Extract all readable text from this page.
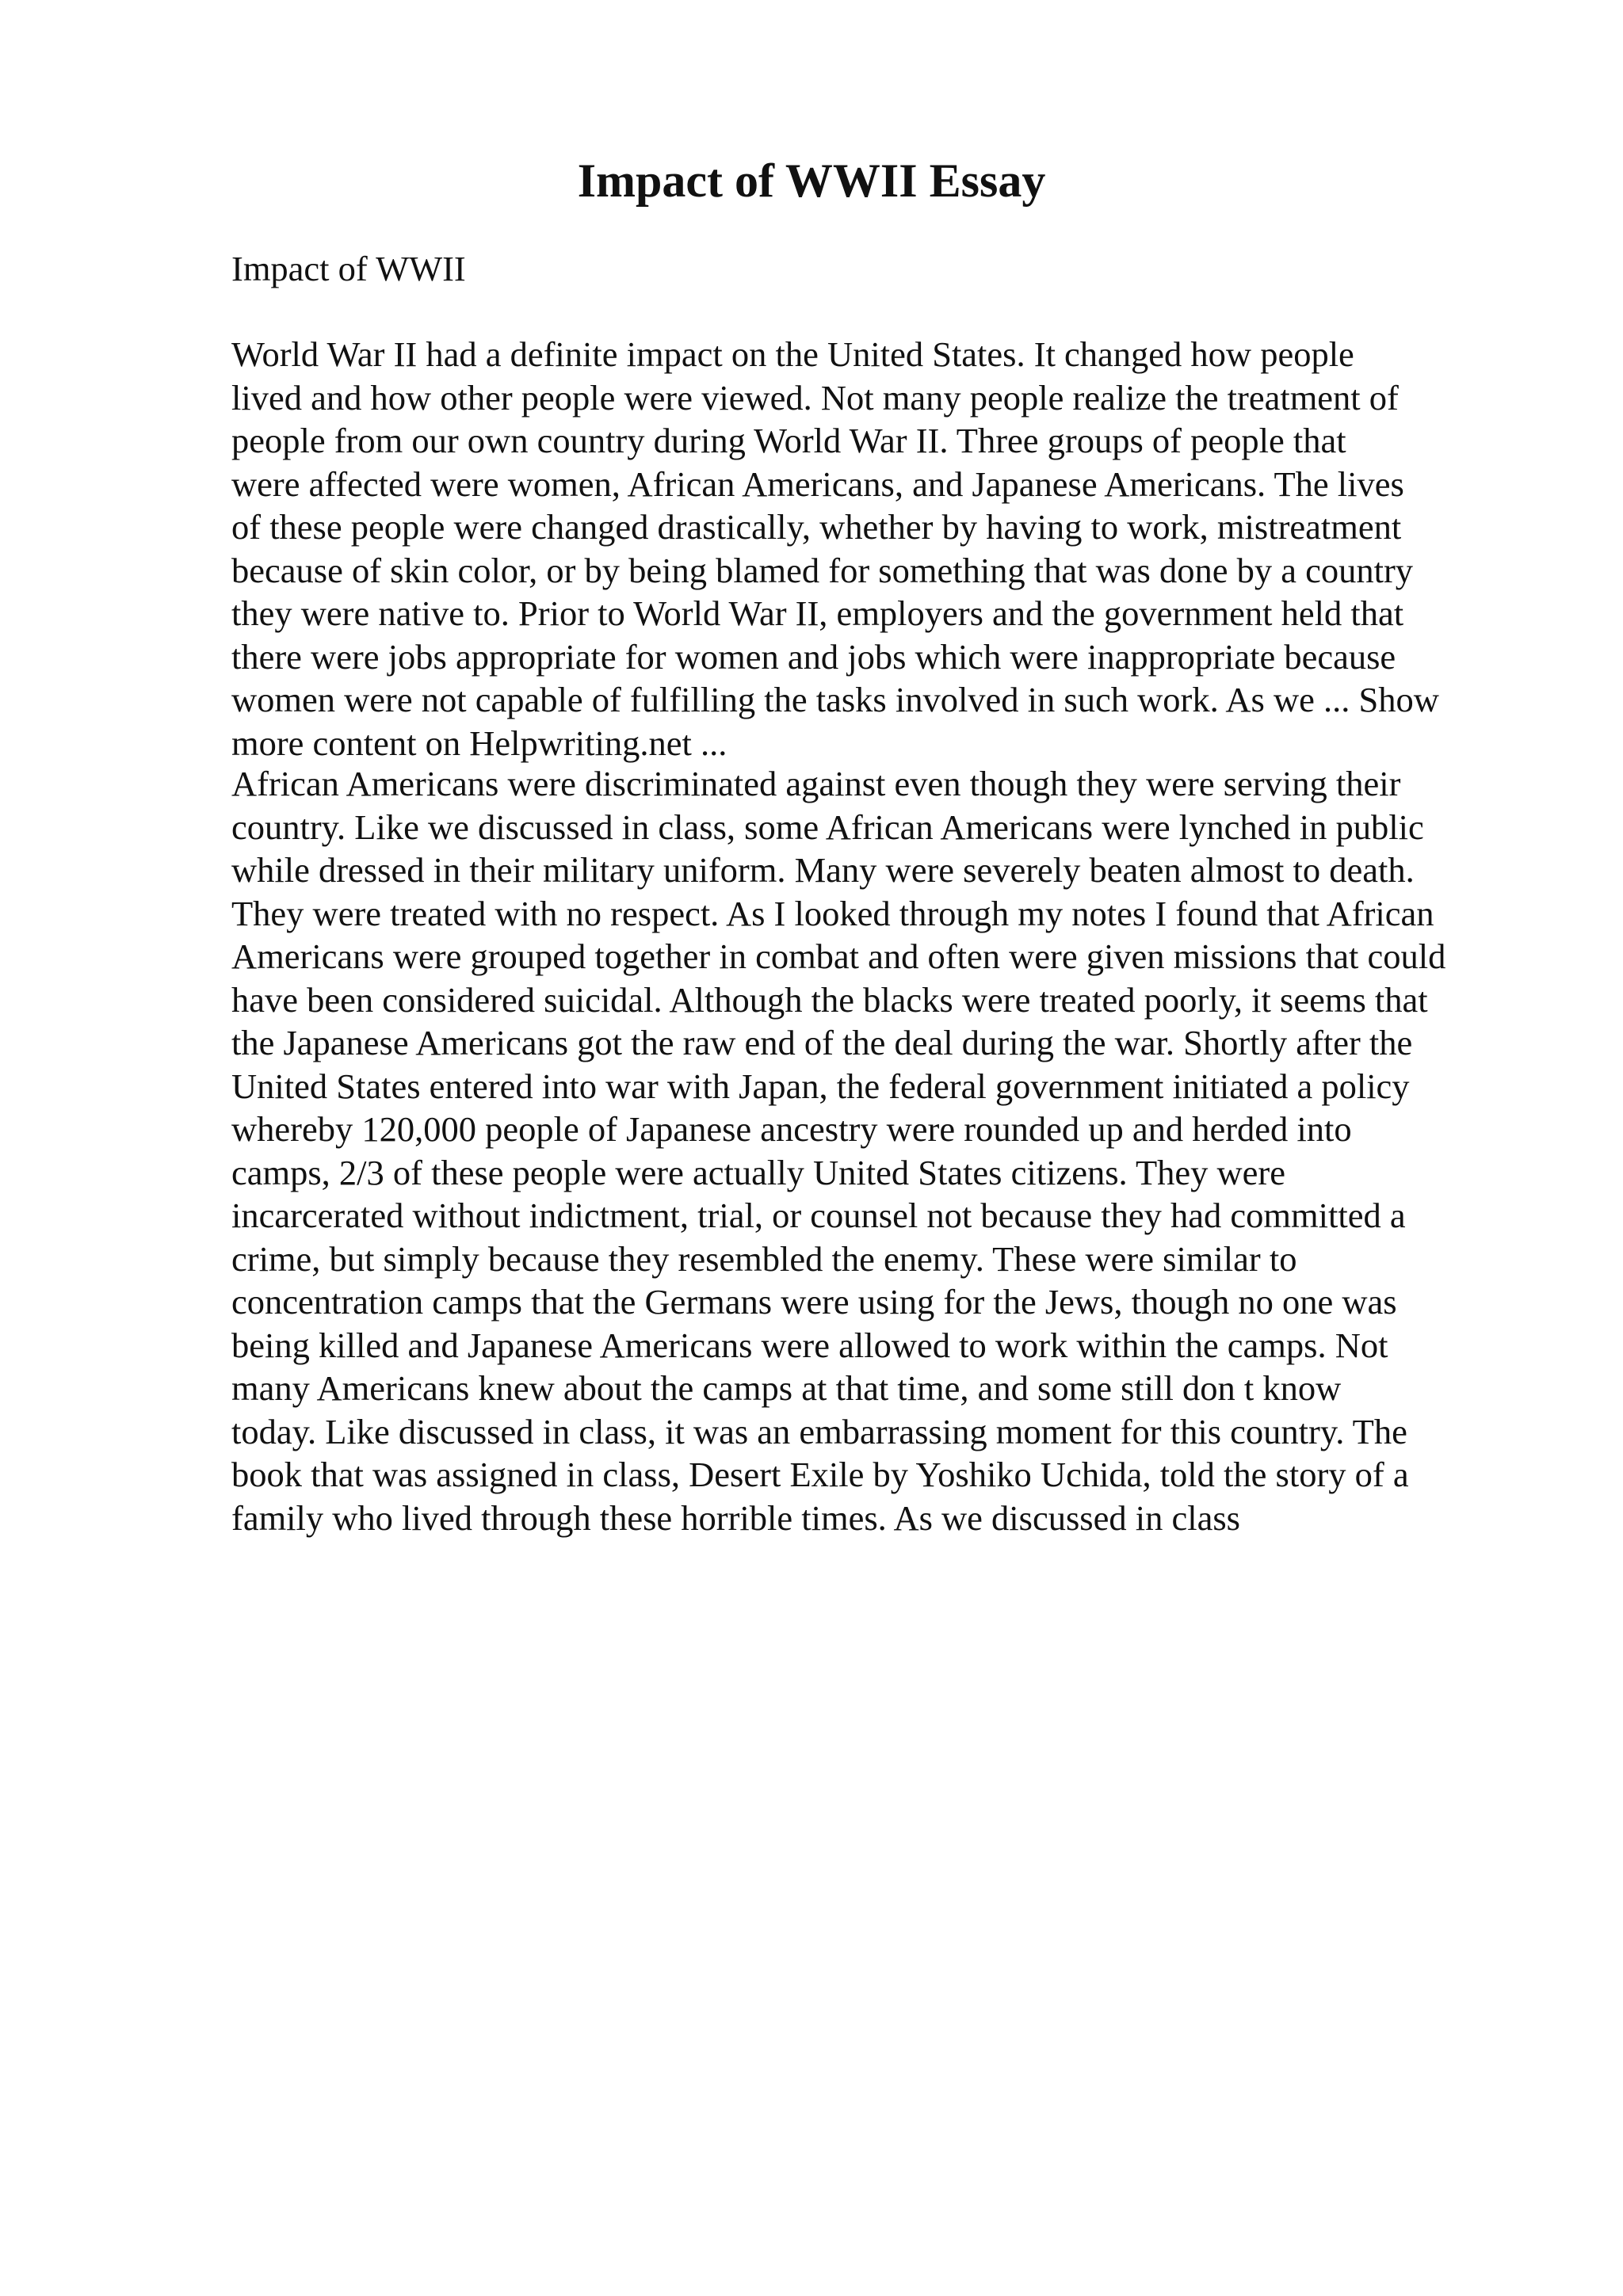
Impact of WWII Essay

Impact of WWII

World War II had a definite impact on the United States. It changed how people
lived and how other people were viewed. Not many people realize the treatment of
people from our own country during World War II. Three groups of people that
were affected were women, African Americans, and Japanese Americans. The lives
of these people were changed drastically, whether by having to work, mistreatment
because of skin color, or by being blamed for something that was done by a country
they were native to. Prior to World War II, employers and the government held that
there were jobs appropriate for women and jobs which were inappropriate because
women were not capable of fulfilling the tasks involved in such work. As we ... Show
more content on Helpwriting.net ...
African Americans were discriminated against even though they were serving their
country. Like we discussed in class, some African Americans were lynched in public
while dressed in their military uniform. Many were severely beaten almost to death.
They were treated with no respect. As I looked through my notes I found that African
Americans were grouped together in combat and often were given missions that could
have been considered suicidal. Although the blacks were treated poorly, it seems that
the Japanese Americans got the raw end of the deal during the war. Shortly after the
United States entered into war with Japan, the federal government initiated a policy
whereby 120,000 people of Japanese ancestry were rounded up and herded into
camps, 2/3 of these people were actually United States citizens. They were
incarcerated without indictment, trial, or counsel not because they had committed a
crime, but simply because they resembled the enemy. These were similar to
concentration camps that the Germans were using for the Jews, though no one was
being killed and Japanese Americans were allowed to work within the camps. Not
many Americans knew about the camps at that time, and some still don t know
today. Like discussed in class, it was an embarrassing moment for this country. The
book that was assigned in class, Desert Exile by Yoshiko Uchida, told the story of a
family who lived through these horrible times. As we discussed in class
